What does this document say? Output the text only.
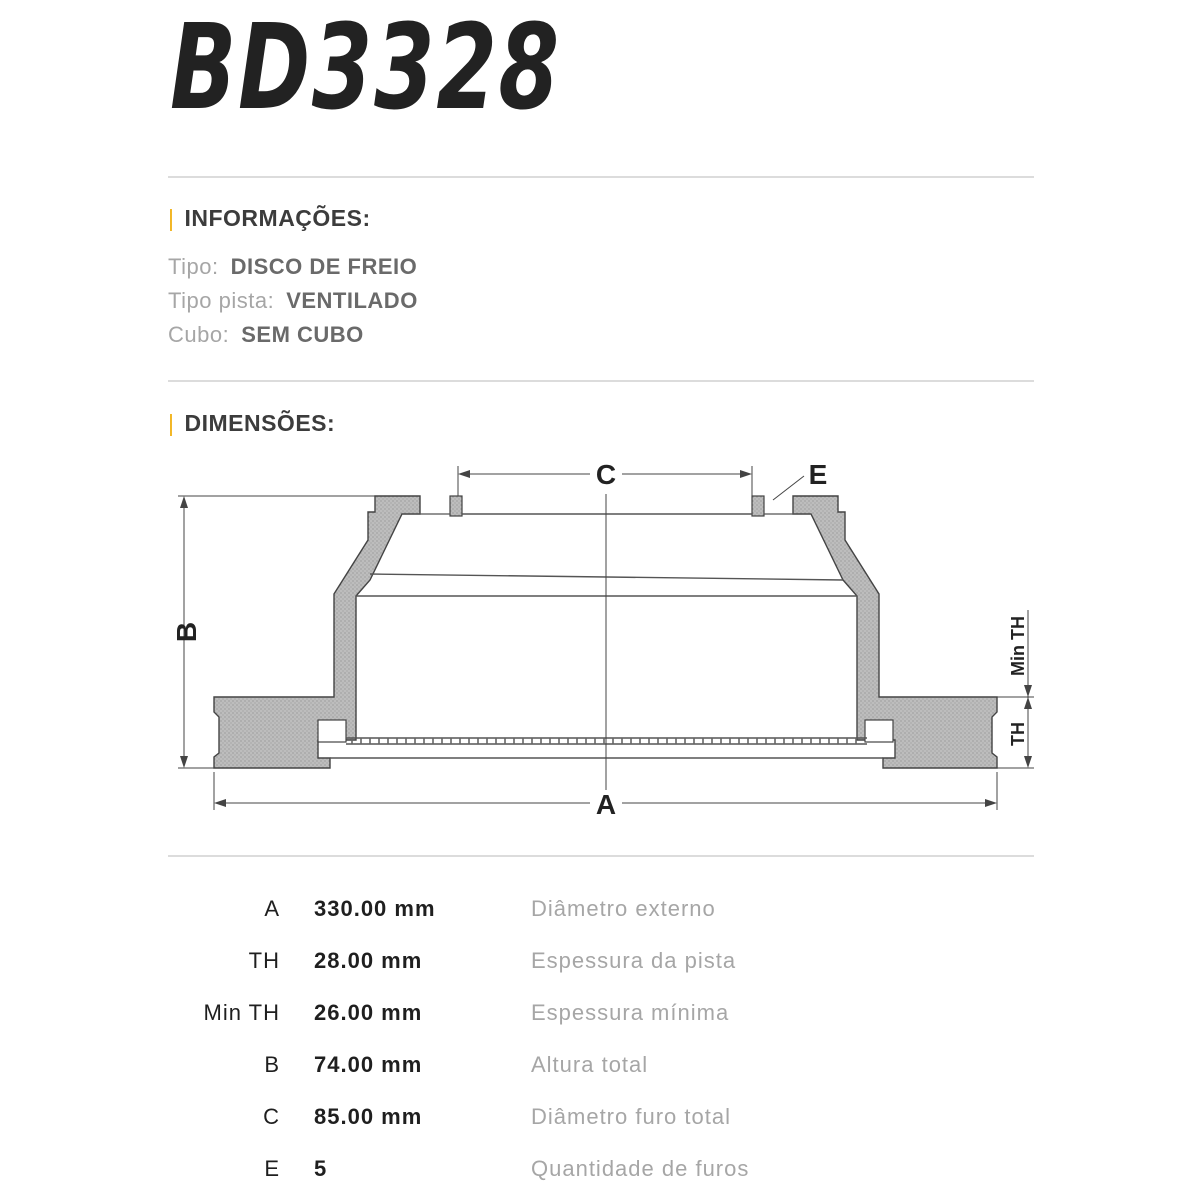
BD3328
| INFORMAÇÕES:
Tipo: DISCO DE FREIO
Tipo pista: VENTILADO
Cubo: SEM CUBO
| DIMENSÕES:
B
C	E
A
TH
Min TH
A 330.00 mm	Diâmetro externo
TH 28.00 mm	Espessura da pista
Min TH 26.00 mm	Espessura mínima
B 74.00 mm	Altura total
C 85.00 mm	Diâmetro furo total
E 5	Quantidade de furos
